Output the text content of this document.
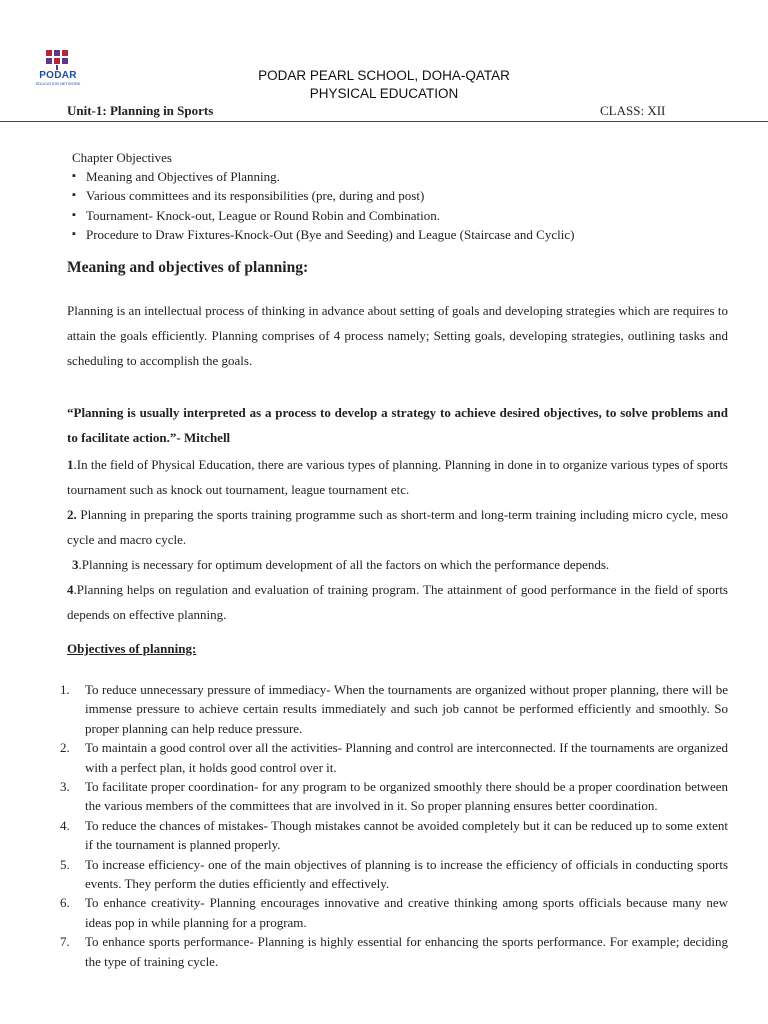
PODAR
EDUCATION NETWORK
PODAR PEARL SCHOOL, DOHA-QATAR
PHYSICAL EDUCATION
Unit-1: Planning in Sports	CLASS: XII
Chapter Objectives
▪ Meaning and Objectives of Planning.
▪ Various committees and its responsibilities (pre, during and post)
▪ Tournament- Knock-out, League or Round Robin and Combination.
▪ Procedure to Draw Fixtures-Knock-Out (Bye and Seeding) and League (Staircase and Cyclic)
Meaning and objectives of planning:
Planning is an intellectual process of thinking in advance about setting of goals and developing strategies which are requires to attain the goals efficiently. Planning comprises of 4 process namely; Setting goals, developing strategies, outlining tasks and scheduling to accomplish the goals.
“Planning is usually interpreted as a process to develop a strategy to achieve desired objectives, to solve problems and to facilitate action.”- Mitchell
1.In the field of Physical Education, there are various types of planning. Planning in done in to organize various types of sports tournament such as knock out tournament, league tournament etc.
2. Planning in preparing the sports training programme such as short-term and long-term training including micro cycle, meso cycle and macro cycle.
3.Planning is necessary for optimum development of all the factors on which the performance depends.
4.Planning helps on regulation and evaluation of training program. The attainment of good performance in the field of sports depends on effective planning.
Objectives of planning:
1. To reduce unnecessary pressure of immediacy- When the tournaments are organized without proper planning, there will be immense pressure to achieve certain results immediately and such job cannot be performed efficiently and smoothly. So proper planning can help reduce pressure.
2. To maintain a good control over all the activities- Planning and control are interconnected. If the tournaments are organized with a perfect plan, it holds good control over it.
3. To facilitate proper coordination- for any program to be organized smoothly there should be a proper coordination between the various members of the committees that are involved in it. So proper planning ensures better coordination.
4. To reduce the chances of mistakes- Though mistakes cannot be avoided completely but it can be reduced up to some extent if the tournament is planned properly.
5. To increase efficiency- one of the main objectives of planning is to increase the efficiency of officials in conducting sports events. They perform the duties efficiently and effectively.
6. To enhance creativity- Planning encourages innovative and creative thinking among sports officials because many new ideas pop in while planning for a program.
7. To enhance sports performance- Planning is highly essential for enhancing the sports performance. For example; deciding the type of training cycle.
